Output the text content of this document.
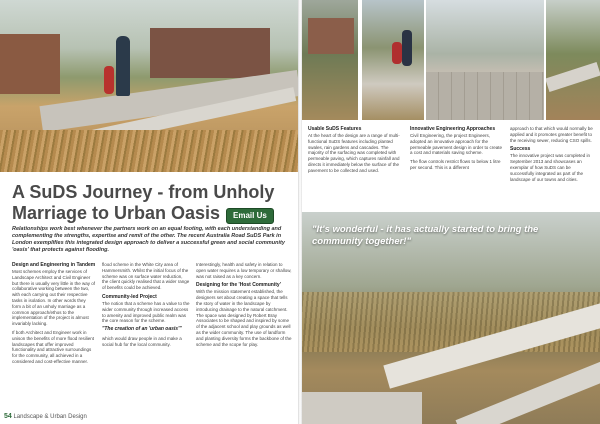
A SuDS Journey - from Unholy Marriage to Urban Oasis	Email Us

Relationships work best whenever the partners work on an equal footing, with each understanding and complementing the strengths, expertise and remit of the other. The recent Australia Road SuDS Park in London exemplifies this integrated design approach to deliver a successful green and social community 'oasis' that protects against flooding.

Design and Engineering in Tandem

Most schemes employ the services of Landscape Architect and Civil Engineer but there is usually very little in the way of collaborative working between the two, with each carrying out their respective tasks in isolation. In other words they form a bit of an unholy marriage as a common approach/ethos to the implementation of the project is almost invariably lacking.

If both Architect and Engineer work in unison the benefits of more flood resilient landscapes that offer improved functionality and attractive surroundings for the community, all achieved in a considered and cost-effective manner.

flood scheme in the White City area of Hammersmith. Whilst the initial focus of the scheme was on surface water reduction, the client quickly realised that a wider range of benefits could be achieved.

Community-led Project

The notion that a scheme has a value to the wider community through increased access to amenity and improved public realm was the core reason for the scheme.

"The creation of an 'urban oasis'"

which would draw people in and make a social hub for the local community.

Interestingly, health and safety in relation to open water requires a low temporary or shallow, was not raised as a key concern.

Designing for the 'Host Community'

With the mission statement established, the designers set about creating a space that tells the story of water in the landscape by introducing drainage to the natural catchment. The space was designed by Robert Bray Associates to be shaped and inspired by some of the adjacent school and play grounds as well as the wider community. The use of landform and planting diversity forms the backbone of the scheme and the scope for play.

Usable SuDS Features

At the heart of the design are a range of multi-functional SuDS features including planted swales, rain gardens and cascades. The majority of the surfacing was completed with permeable paving, which captures rainfall and directs it immediately below the surface of the pavement to be collected and used.

Innovative Engineering Approaches

Civil Engineering, the project Engineers, adopted an innovative approach for the permeable pavement design in order to create a cost and materials saving scheme.

The flow controls restrict flows to below 1 litre per second. This is a different

approach to that which would normally be applied and it promotes greater benefit to the receiving sewer, reducing CSO spills.

Success

The innovative project was completed in September 2013 and showcases an exemplar of how SuDS can be successfully integrated as part of the landscape of our towns and cities.

"It's wonderful - it has actually started to bring the community together!"
54 Landscape & Urban Design
